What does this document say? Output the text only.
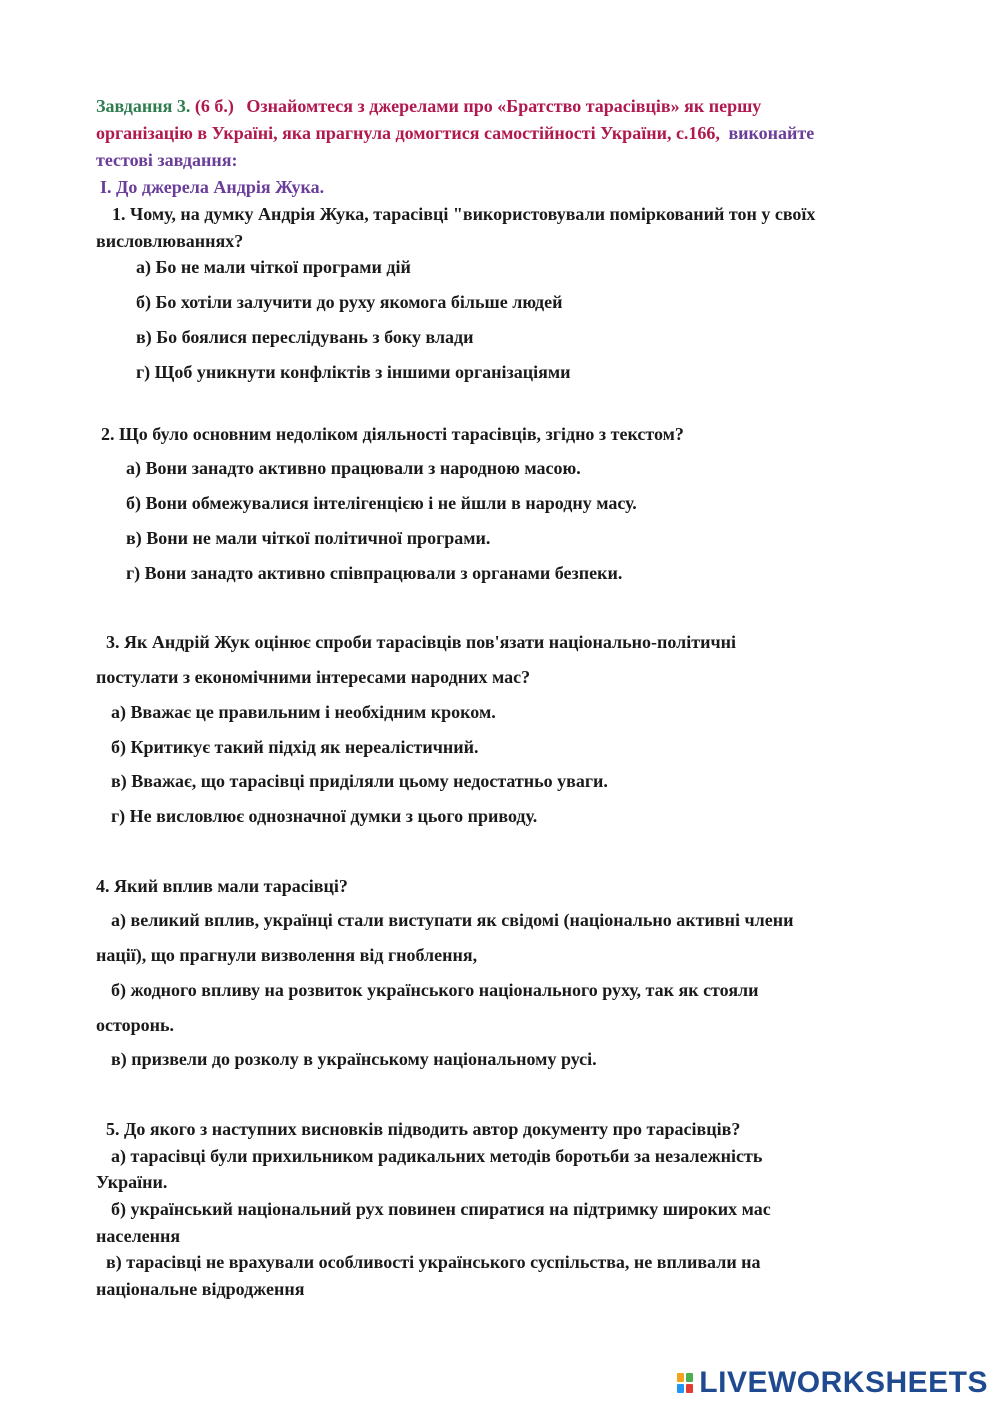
Завдання 3. (6 б.) Ознайомтеся з джерелами про «Братство тарасівців» як першу
організацію в Україні, яка прагнула домогтися самостійності України, с.166, виконайте
тестові завдання:
І. До джерела Андрія Жука.
1. Чому, на думку Андрія Жука, тарасівці "використовували поміркований тон у своїх
висловлюваннях?
а) Бо не мали чіткої програми дій
б) Бо хотіли залучити до руху якомога більше людей
в) Бо боялися переслідувань з боку влади
г) Щоб уникнути конфліктів з іншими організаціями
2. Що було основним недоліком діяльності тарасівців, згідно з текстом?
а) Вони занадто активно працювали з народною масою.
б) Вони обмежувалися інтелігенцією і не йшли в народну масу.
в) Вони не мали чіткої політичної програми.
г) Вони занадто активно співпрацювали з органами безпеки.
3. Як Андрій Жук оцінює спроби тарасівців пов'язати національно-політичні
постулати з економічними інтересами народних мас?
а) Вважає це правильним і необхідним кроком.
б) Критикує такий підхід як нереалістичний.
в) Вважає, що тарасівці приділяли цьому недостатньо уваги.
г) Не висловлює однозначної думки з цього приводу.
4. Який вплив мали тарасівці?
а) великий вплив, українці стали виступати як свідомі (національно активні члени
нації), що прагнули визволення від гноблення,
б) жодного впливу на розвиток українського національного руху, так як стояли
осторонь.
в) призвели до розколу в українському національному русі.
5. До якого з наступних висновків підводить автор документу про тарасівців?
а) тарасівці були прихильником радикальних методів боротьби за незалежність
України.
б) український національний рух повинен спиратися на підтримку широких мас
населення
в) тарасівці не врахували особливості українського суспільства, не впливали на
національне відродження
LIVEWORKSHEETS
